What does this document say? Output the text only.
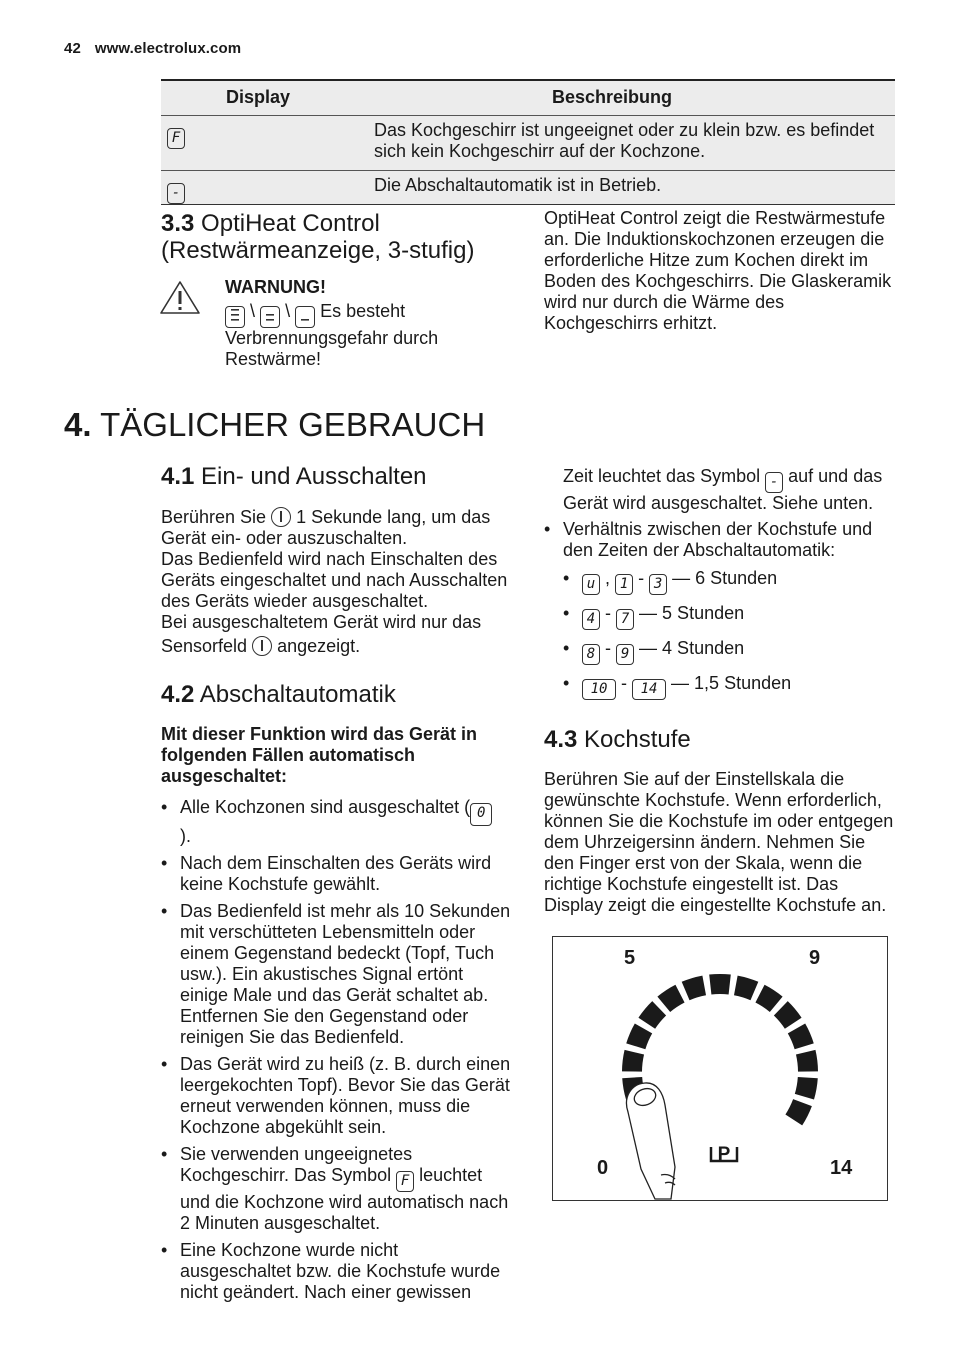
42 www.electrolux.com
Display	Beschreibung
F	Das Kochgeschirr ist ungeeignet oder zu klein bzw. es befindet sich kein Kochgeschirr auf der Kochzone.
-	Die Abschaltautomatik ist in Betrieb.
3.3 OptiHeat Control (Restwärmeanzeige, 3-stufig)

WARNUNG!

\ \ Es besteht Verbrennungsgefahr durch Restwärme!

OptiHeat Control zeigt die Restwärmestufe an. Die Induktionskochzonen erzeugen die erforderliche Hitze zum Kochen direkt im Boden des Kochgeschirrs. Die Glaskeramik wird nur durch die Wärme des Kochgeschirrs erhitzt.

4. TÄGLICHER GEBRAUCH
4.1 Ein- und Ausschalten

Berühren Sie 1 Sekunde lang, um das Gerät ein- oder auszuschalten.

Das Bedienfeld wird nach Einschalten des Geräts eingeschaltet und nach Ausschalten des Geräts wieder ausgeschaltet.

Bei ausgeschaltetem Gerät wird nur das

Sensorfeld angezeigt.

4.2 Abschaltautomatik

Mit dieser Funktion wird das Gerät in folgenden Fällen automatisch ausgeschaltet:

• Alle Kochzonen sind ausgeschaltet ( 0
).
• Nach dem Einschalten des Geräts wird keine Kochstufe gewählt.
• Das Bedienfeld ist mehr als 10 Sekunden mit verschütteten Lebensmitteln oder einem Gegenstand bedeckt (Topf, Tuch usw.). Ein akustisches Signal ertönt einige Male und das Gerät schaltet ab. Entfernen Sie den Gegenstand oder reinigen Sie das Bedienfeld.
• Das Gerät wird zu heiß (z. B. durch einen leergekochten Topf). Bevor Sie das Gerät erneut verwenden können, muss die Kochzone abgekühlt sein.
• Sie verwenden ungeeignetes Kochgeschirr. Das Symbol F leuchtet und die Kochzone wird automatisch nach 2 Minuten ausgeschaltet.
• Eine Kochzone wurde nicht ausgeschaltet bzw. die Kochstufe wurde nicht geändert. Nach einer gewissen

Zeit leuchtet das Symbol - auf und das Gerät wird ausgeschaltet. Siehe unten.

• Verhältnis zwischen der Kochstufe und den Zeiten der Abschaltautomatik:
• u , 1 - 3 — 6 Stunden
• 4 - 7 — 5 Stunden
• 8 - 9 — 4 Stunden
• 10 - 14 — 1,5 Stunden
4.3 Kochstufe

Berühren Sie auf der Einstellskala die gewünschte Kochstufe. Wenn erforderlich, können Sie die Kochstufe im oder entgegen dem Uhrzeigersinn ändern. Nehmen Sie den Finger erst von der Skala, wenn die richtige Kochstufe eingestellt ist. Das Display zeigt die eingestellte Kochstufe an.

P
5	9
0	14
